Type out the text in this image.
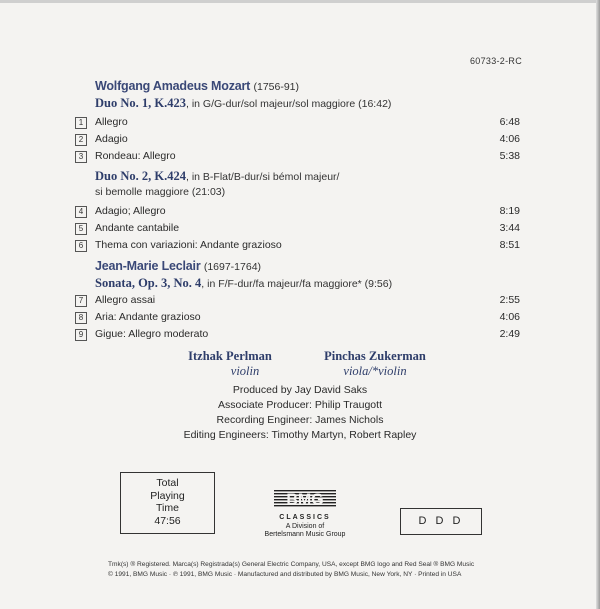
60733-2-RC
Wolfgang Amadeus Mozart (1756-91)
Duo No. 1, K.423, in G/G-dur/sol majeur/sol maggiore (16:42)
1	Allegro	6:48
2	Adagio	4:06
3	Rondeau: Allegro	5:38
Duo No. 2, K.424, in B-Flat/B-dur/si bémol majeur/
si bemolle maggiore (21:03)
4	Adagio; Allegro	8:19
5	Andante cantabile	3:44
6	Thema con variazioni: Andante grazioso	8:51
Jean-Marie Leclair (1697-1764)
Sonata, Op. 3, No. 4, in F/F-dur/fa majeur/fa maggiore* (9:56)
7	Allegro assai	2:55
8	Aria: Andante grazioso	4:06
9	Gigue: Allegro moderato	2:49
Itzhak Perlman
violin
Pinchas Zukerman
viola/*violin
Produced by Jay David Saks
Associate Producer: Philip Traugott
Recording Engineer: James Nichols
Editing Engineers: Timothy Martyn, Robert Rapley
Total
Playing
Time
47:56
BMG
CLASSICS
A Division of
Bertelsmann Music Group
D D D
Tmk(s) ® Registered. Marca(s) Registrada(s) General Electric Company, USA, except BMG logo and Red Seal ® BMG Music
© 1991, BMG Music · ℗ 1991, BMG Music · Manufactured and distributed by BMG Music, New York, NY · Printed in USA
